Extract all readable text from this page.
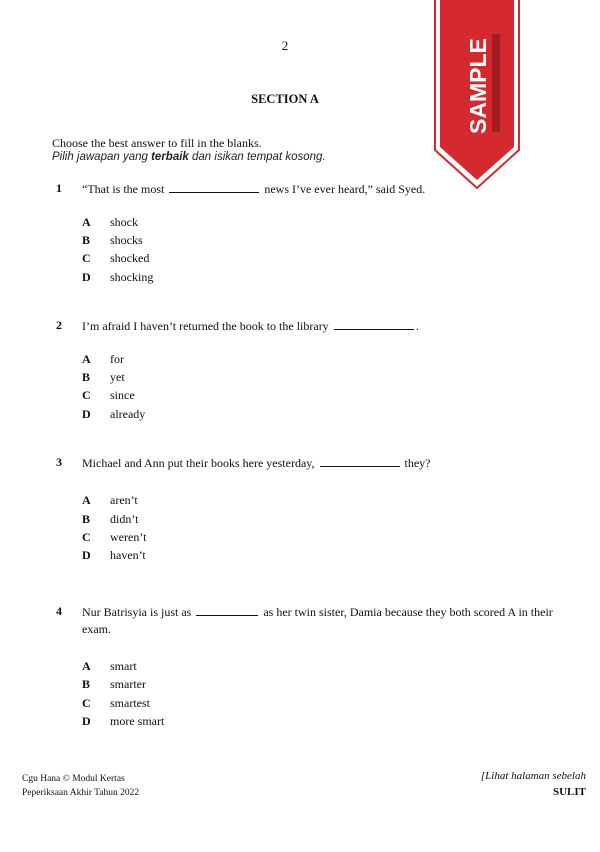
2
SECTION A
Choose the best answer to fill in the blanks.
Pilih jawapan yang terbaik dan isikan tempat kosong.
1 “That is the most	news I’ve ever heard,” said Syed.
A shock
B shocks
C shocked
D shocking
2 I’m afraid I haven’t returned the book to the library	.
A for
B yet
C since
D already
3 Michael and Ann put their books here yesterday,	they?
A aren’t
B didn’t
C weren’t
D haven’t
4 Nur Batrisyia is just as	as her twin sister, Damia because they both scored A in their exam.
A smart
B smarter
C smartest
D more smart
Cgu Hana © Modul Kertas
Peperiksaan Akhir Tahun 2022
[Lihat halaman sebelah
SULIT
SAMPLE
